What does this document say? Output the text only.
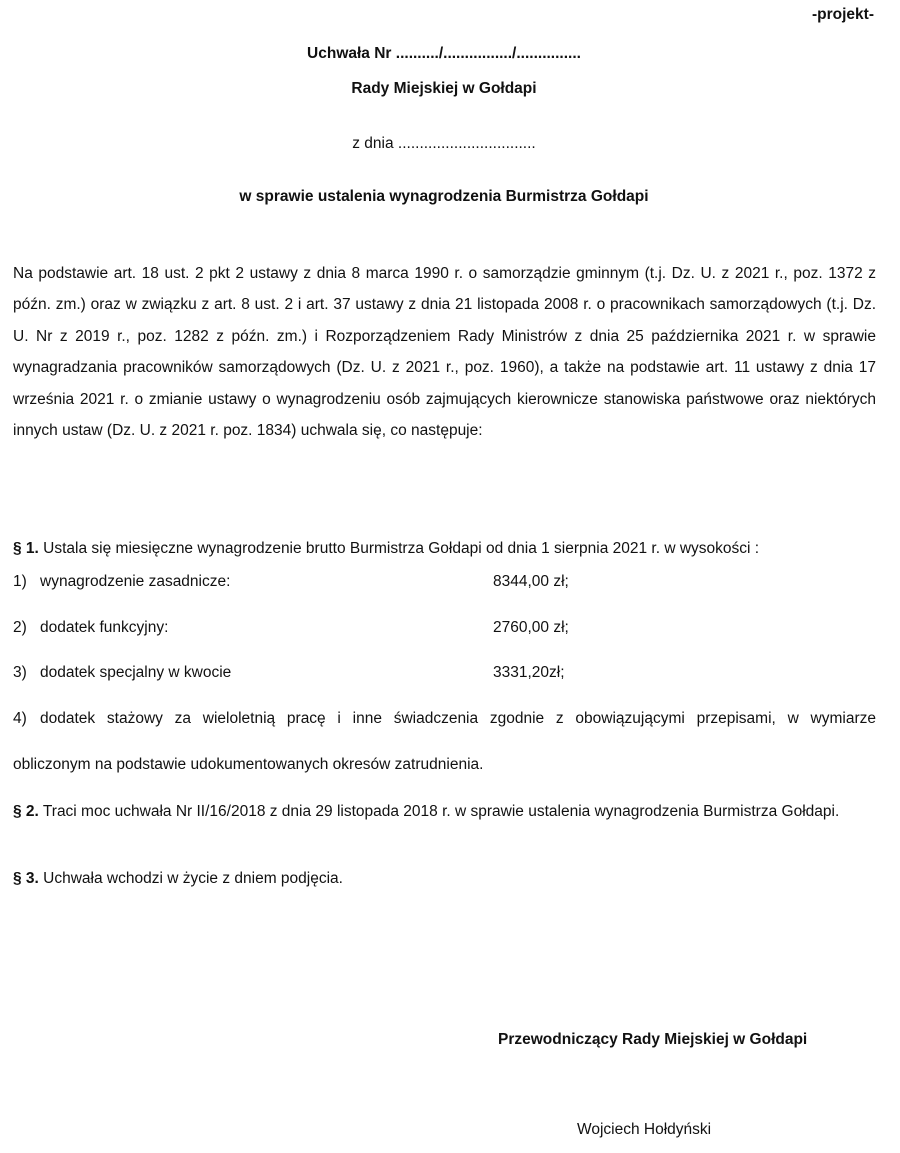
-projekt-
Uchwała Nr ........../................/...............
Rady Miejskiej w Gołdapi
z dnia ................................
w sprawie ustalenia wynagrodzenia Burmistrza Gołdapi
Na podstawie art. 18 ust. 2 pkt 2 ustawy z dnia 8 marca 1990 r. o samorządzie gminnym (t.j. Dz. U. z 2021 r., poz. 1372 z późn. zm.) oraz w związku z art. 8 ust. 2 i art. 37 ustawy z dnia 21 listopada 2008 r. o pracownikach samorządowych (t.j. Dz. U. Nr z 2019 r., poz. 1282 z późn. zm.) i Rozporządzeniem Rady Ministrów z dnia 25 października 2021 r. w sprawie wynagradzania pracowników samorządowych (Dz. U. z 2021 r., poz. 1960), a także na podstawie art. 11 ustawy z dnia 17 września 2021 r. o zmianie ustawy o wynagrodzeniu osób zajmujących kierownicze stanowiska państwowe oraz niektórych innych ustaw (Dz. U. z 2021 r. poz. 1834) uchwala się, co następuje:
§ 1. Ustala się miesięczne wynagrodzenie brutto Burmistrza Gołdapi od dnia 1 sierpnia 2021 r. w wysokości :
1) wynagrodzenie zasadnicze:	8344,00 zł;
2) dodatek funkcyjny:	2760,00 zł;
3) dodatek specjalny w kwocie	3331,20zł;
4) dodatek stażowy za wieloletnią pracę i inne świadczenia zgodnie z obowiązującymi przepisami, w wymiarze
obliczonym na podstawie udokumentowanych okresów zatrudnienia.
§ 2. Traci moc uchwała Nr II/16/2018 z dnia 29 listopada 2018 r. w sprawie ustalenia wynagrodzenia Burmistrza Gołdapi.
§ 3. Uchwała wchodzi w życie z dniem podjęcia.
Przewodniczący Rady Miejskiej w Gołdapi
Wojciech Hołdyński
